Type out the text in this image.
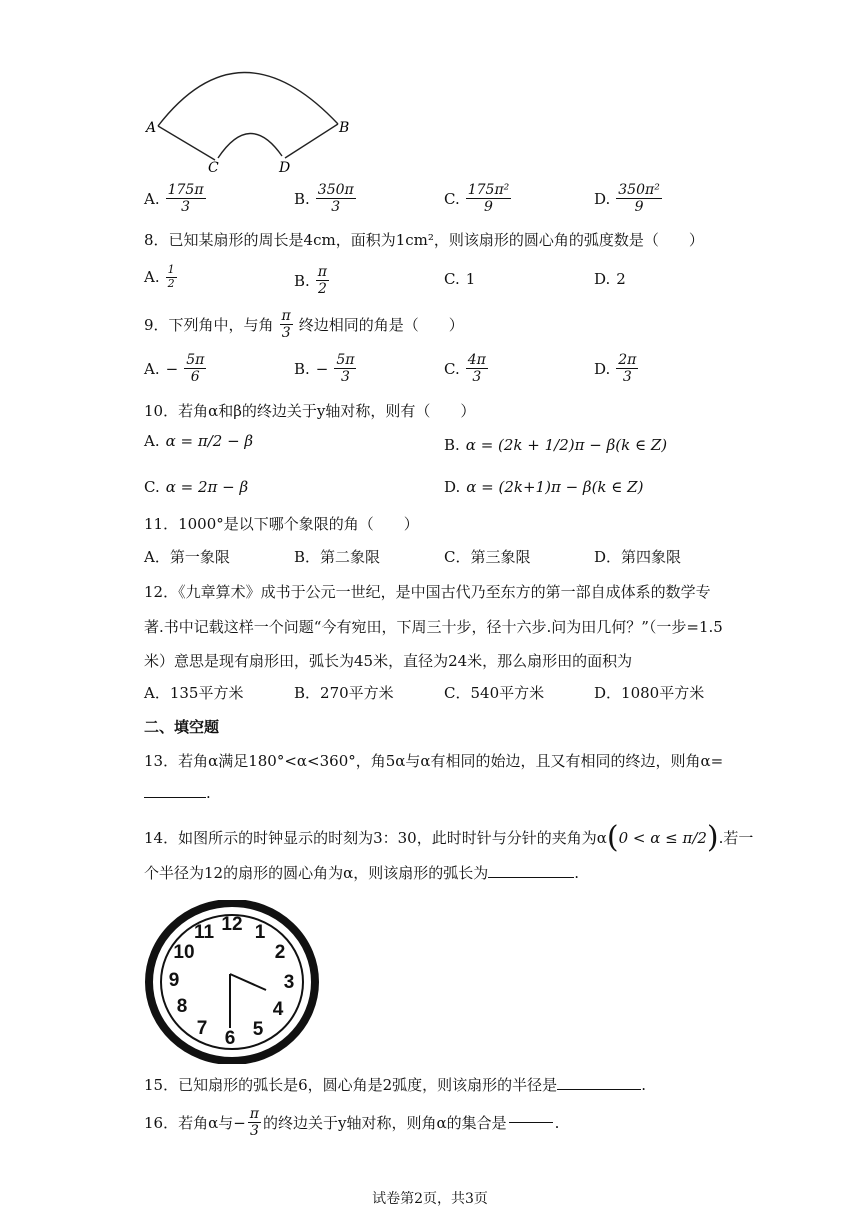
A	B
C	D
A. $\frac{175\pi}{3}$	B. $\frac{350\pi}{3}$	C. $\frac{\text{175π²}}{9}$	D. $\frac{\text{350π²}}{9}$
8．已知某扇形的周长是4cm，面积为1cm²，则该扇形的圆心角的弧度数是（　　）
A. $\frac{1}{2}$	B. $\frac{\pi}{2}$	C. 1	D. 2
9．下列角中，与角 $\frac{\pi}{3}$ 终边相同的角是（　　）
A. − $\frac{5\pi}{6}$	B. − $\frac{5\pi}{3}$	C. $\frac{4\pi}{3}$	D. $\frac{2\pi}{3}$
10．若角α和β的终边关于y轴对称，则有（　　）
A. α = π/2 − β	B. α = (2k + 1/2)π − β(k ∈ Z)
C. α = 2π − β	D. α = (2k+1)π − β(k ∈ Z)
11．1000°是以下哪个象限的角（　　）
A．第一象限	B．第二象限	C．第三象限	D．第四象限
12．《九章算术》成书于公元一世纪，是中国古代乃至东方的第一部自成体系的数学专
著.书中记载这样一个问题“今有宛田，下周三十步，径十六步.问为田几何？”（一步=1.5
米）意思是现有扇形田，弧长为45米，直径为24米，那么扇形田的面积为
A．135平方米	B．270平方米	C．540平方米	D．1080平方米
二、填空题
13．若角α满足180°<α<360°，角5α与α有相同的始边，且又有相同的终边，则角α=
.
14．如图所示的时钟显示的时刻为3：30，此时时针与分针的夹角为α ( 0 < α ≤ π/2 ) .若一
个半径为12的扇形的圆心角为α，则该扇形的弧长为	.
12 1
2
3
4
5
6
7
8
9
10
11
15．已知扇形的弧长是6，圆心角是2弧度，则该扇形的半径是	.
16．若角α与− $\frac{\pi}{3}$ 的终边关于y轴对称，则角α的集合是	.
试卷第2页，共3页
